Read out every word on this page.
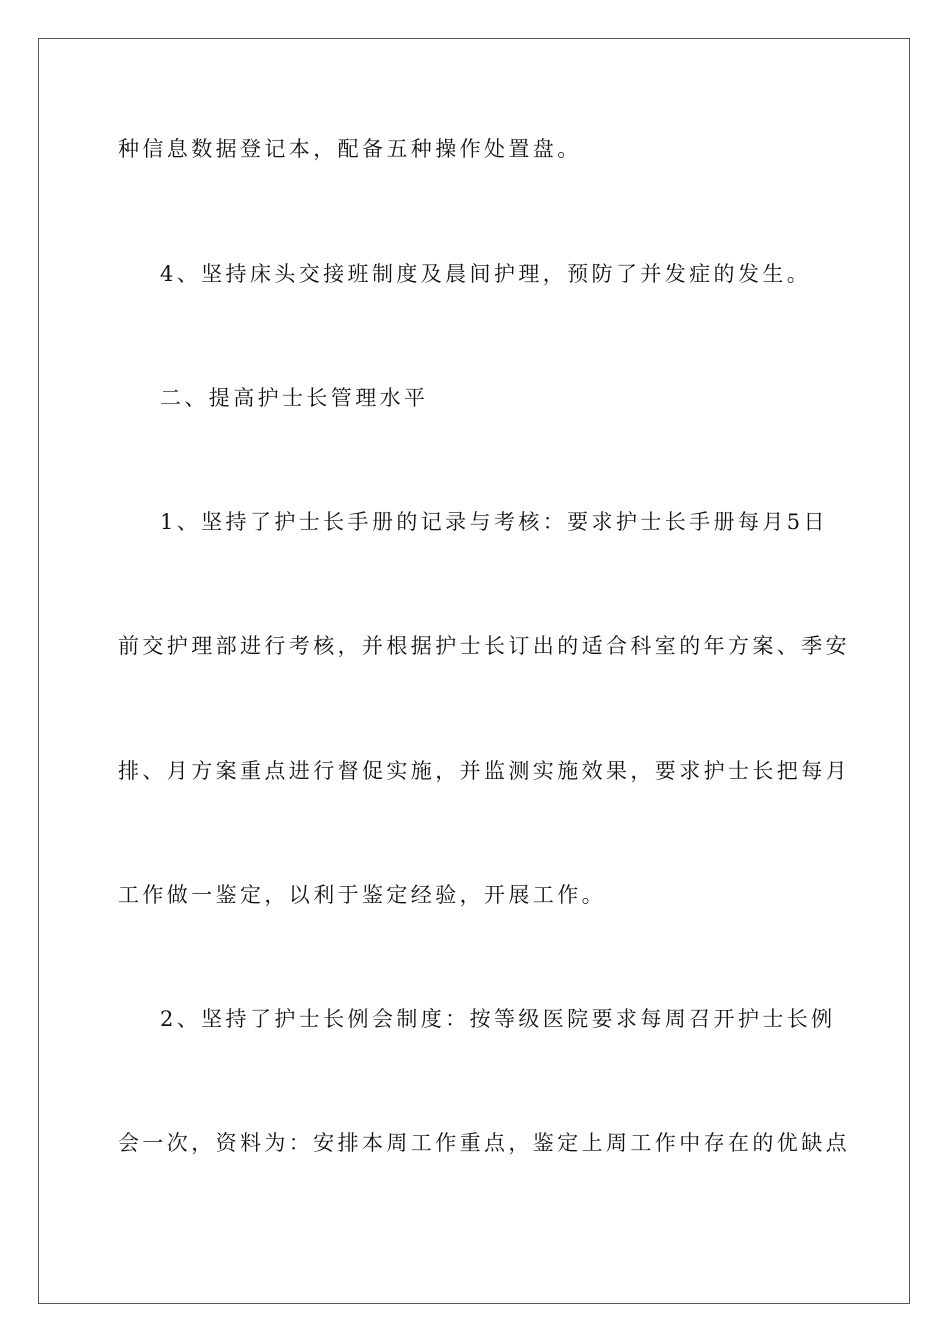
种信息数据登记本，配备五种操作处置盘。
4、坚持床头交接班制度及晨间护理，预防了并发症的发生。
二、提高护士长管理水平
1、坚持了护士长手册的记录与考核：要求护士长手册每月5日
前交护理部进行考核，并根据护士长订出的适合科室的年方案、季安
排、月方案重点进行督促实施，并监测实施效果，要求护士长把每月
工作做一鉴定，以利于鉴定经验，开展工作。
2、坚持了护士长例会制度：按等级医院要求每周召开护士长例
会一次，资料为：安排本周工作重点，鉴定上周工作中存在的优缺点
